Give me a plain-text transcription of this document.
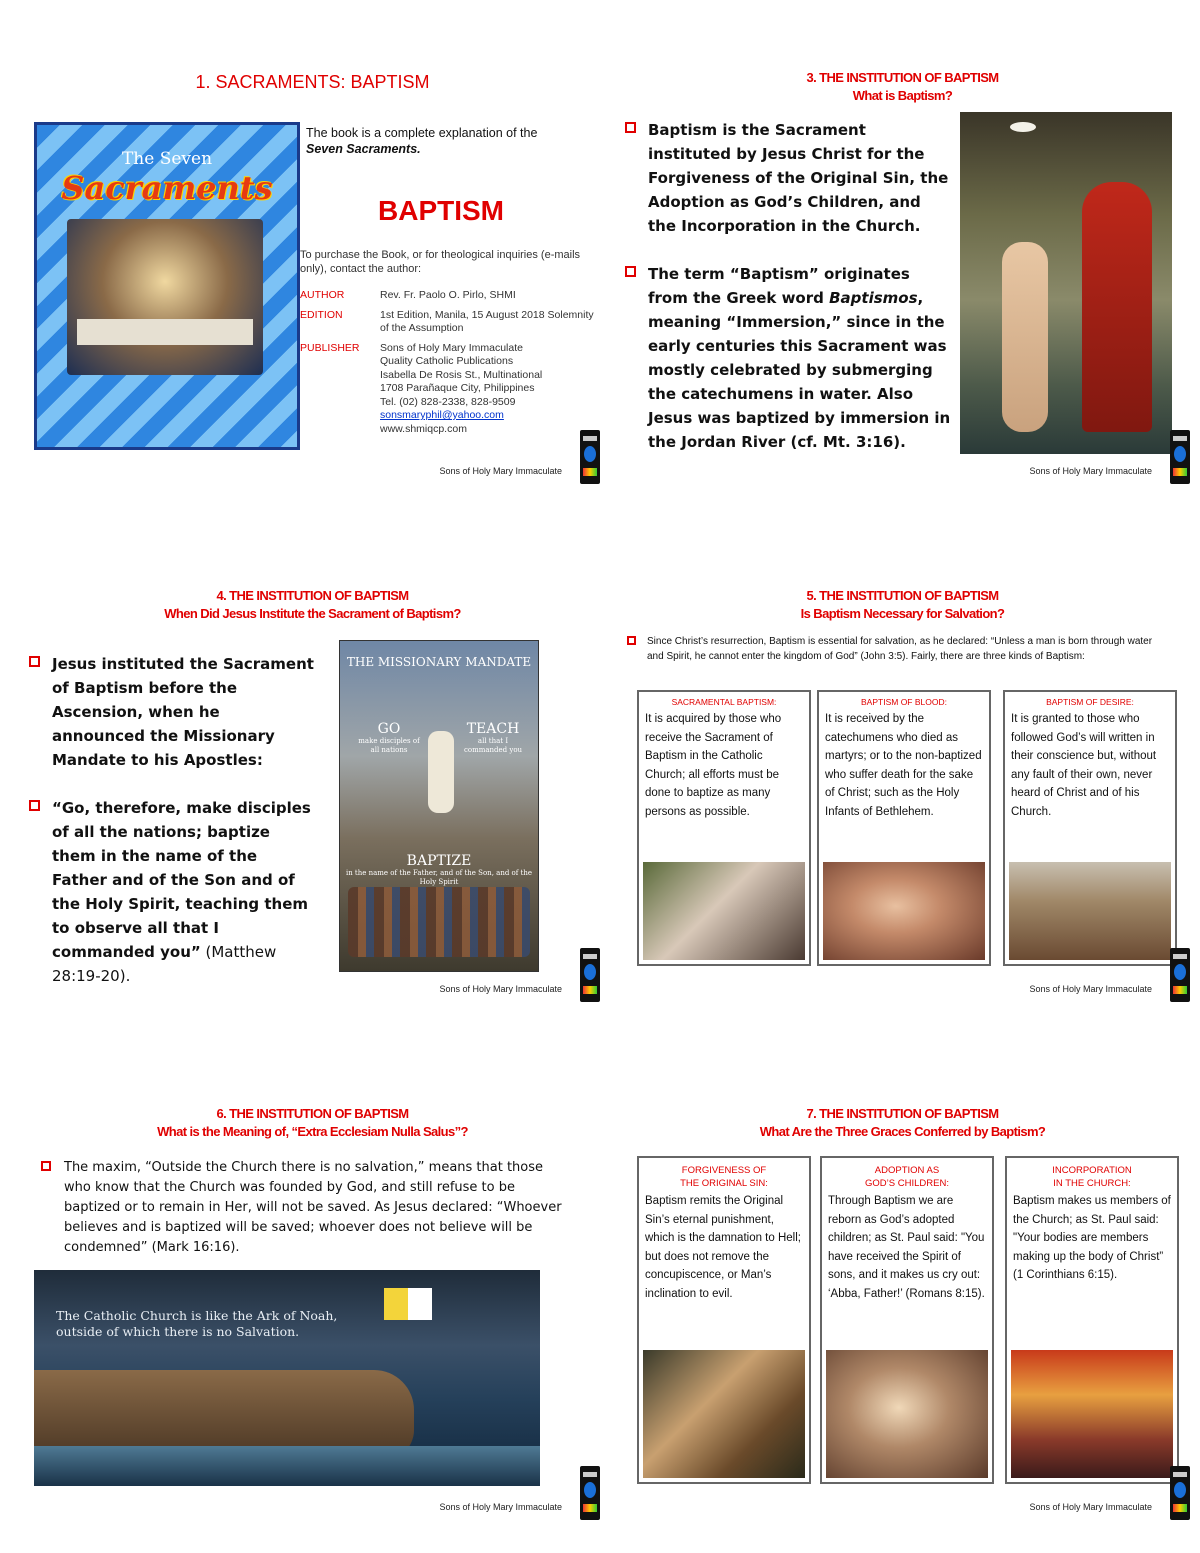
1. SACRAMENTS: BAPTISM
The Seven
Sacraments
The book is a complete explanation of the Seven Sacraments.
BAPTISM
To purchase the Book, or for theological inquiries (e-mails only), contact the author:
AUTHOR	Rev. Fr. Paolo O. Pirlo, SHMI
EDITION	1st Edition, Manila, 15 August 2018 Solemnity of the Assumption
PUBLISHER	Sons of Holy Mary Immaculate
Quality Catholic Publications
Isabella De Rosis St., Multinational
1708 Parañaque City, Philippines
Tel. (02) 828-2338, 828-9509
sonsmaryphil@yahoo.com
www.shmiqcp.com
Sons of Holy Mary Immaculate
3. THE INSTITUTION OF BAPTISM
What is Baptism?
Baptism is the Sacrament instituted by Jesus Christ for the Forgiveness of the Original Sin, the Adoption as God’s Children, and the Incorporation in the Church.
The term “Baptism” originates from the Greek word Baptismos, meaning “Immersion,” since in the early centuries this Sacrament was mostly celebrated by submerging the catechumens in water. Also Jesus was baptized by immersion in the Jordan River (cf. Mt. 3:16).
Sons of Holy Mary Immaculate
4. THE INSTITUTION OF BAPTISM
When Did Jesus Institute the Sacrament of Baptism?
Jesus instituted the Sacrament of Baptism before the Ascension, when he announced the Missionary Mandate to his Apostles:
“Go, therefore, make disciples of all the nations; baptize them in the name of the Father and of the Son and of the Holy Spirit, teaching them to observe all that I commanded you” (Matthew 28:19-20).
THE MISSIONARY MANDATE
GO
make disciples of all nations
TEACH
all that I commanded you
BAPTIZE
in the name of the Father, and of the Son, and of the Holy Spirit
Sons of Holy Mary Immaculate
5. THE INSTITUTION OF BAPTISM
Is Baptism Necessary for Salvation?
Since Christ’s resurrection, Baptism is essential for salvation, as he declared: “Unless a man is born through water and Spirit, he cannot enter the kingdom of God” (John 3:5). Fairly, there are three kinds of Baptism:
SACRAMENTAL BAPTISM:
It is acquired by those who receive the Sacrament of Baptism in the Catholic Church; all efforts must be done to baptize as many persons as possible.
BAPTISM OF BLOOD:
It is received by the catechumens who died as martyrs; or to the non-baptized who suffer death for the sake of Christ; such as the Holy Infants of Bethlehem.
BAPTISM OF DESIRE:
It is granted to those who followed God’s will written in their conscience but, without any fault of their own, never heard of Christ and of his Church.
Sons of Holy Mary Immaculate
6. THE INSTITUTION OF BAPTISM
What is the Meaning of, “Extra Ecclesiam Nulla Salus”?
The maxim, “Outside the Church there is no salvation,” means that those who know that the Church was founded by God, and still refuse to be baptized or to remain in Her, will not be saved. As Jesus declared: “Whoever believes and is baptized will be saved; whoever does not believe will be condemned” (Mark 16:16).
The Catholic Church is like the Ark of Noah,
outside of which there is no Salvation.
Sons of Holy Mary Immaculate
7. THE INSTITUTION OF BAPTISM
What Are the Three Graces Conferred by Baptism?
FORGIVENESS OF
THE ORIGINAL SIN:
Baptism remits the Original Sin’s eternal punishment, which is the damnation to Hell; but does not remove the concupiscence, or Man’s inclination to evil.
ADOPTION AS
GOD’S CHILDREN:
Through Baptism we are reborn as God’s adopted children; as St. Paul said: "You have received the Spirit of sons, and it makes us cry out: ‘Abba, Father!’ (Romans 8:15).
INCORPORATION
IN THE CHURCH:
Baptism makes us members of the Church; as St. Paul said: "Your bodies are members making up the body of Christ” (1 Corinthians 6:15).
Sons of Holy Mary Immaculate
